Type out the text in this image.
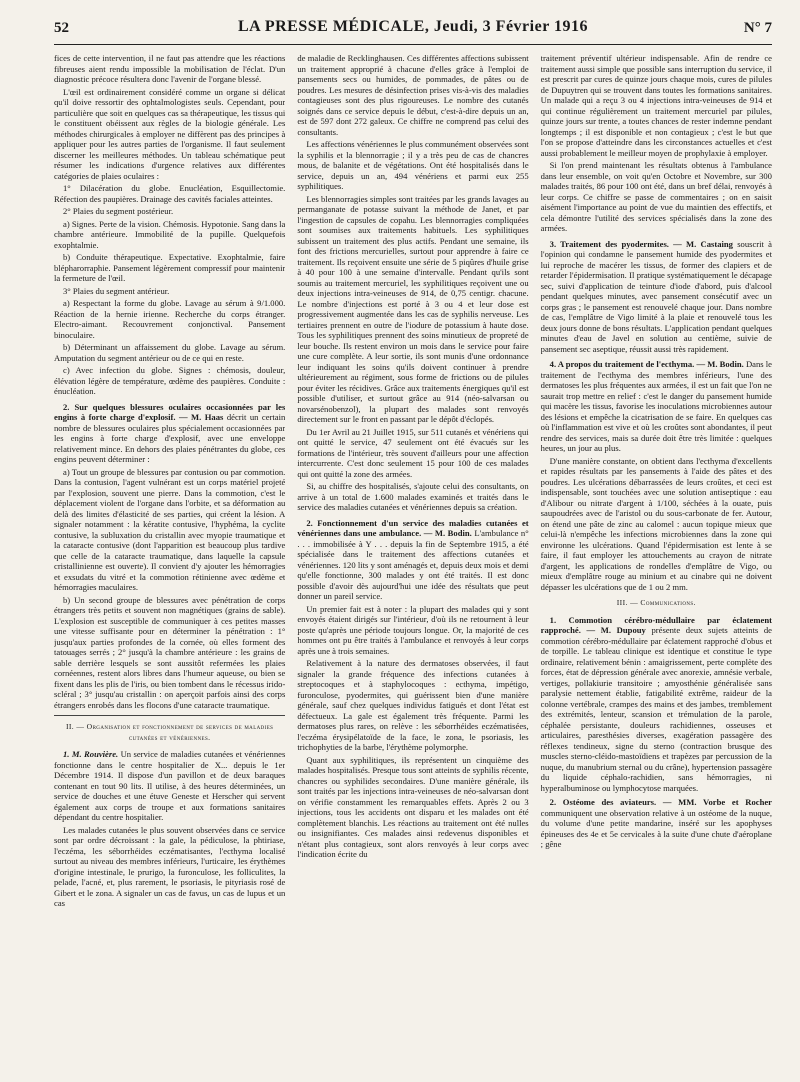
52	LA PRESSE MÉDICALE, Jeudi, 3 Février 1916	N° 7

fices de cette intervention, il ne faut pas attendre que les réactions fibreuses aient rendu impossible la mobilisation de l'éclat. D'un diagnostic précoce résultera donc l'avenir de l'organe blessé.

L'œil est ordinairement considéré comme un organe si délicat qu'il doive ressortir des ophtalmologistes seuls. Cependant, pour particulière que soit en quelques cas sa thérapeutique, les tissus qui le constituent obéissent aux règles de la biologie générale. Les méthodes chirurgicales à employer ne diffèrent pas des principes à appliquer pour les autres parties de l'organisme. Il faut seulement discerner les meilleures méthodes. Un tableau schématique peut résumer les indications d'urgence relatives aux différentes catégories de plaies oculaires :

1° Dilacération du globe. Enucléation, Esquillectomie. Réfection des paupières. Drainage des cavités faciales atteintes.

2° Plaies du segment postérieur.

a) Signes. Perte de la vision. Chémosis. Hypotonie. Sang dans la chambre antérieure. Immobilité de la pupille. Quelquefois exophtalmie.

b) Conduite thérapeutique. Expectative. Exophtalmie, faire blépharorraphie. Pansement légèrement compressif pour maintenir la fermeture de l'œil.

3° Plaies du segment antérieur.

a) Respectant la forme du globe. Lavage au sérum à 9/1.000. Réaction de la hernie irienne. Recherche du corps étranger. Electro-aimant. Recouvrement conjonctival. Pansement binoculaire.

b) Déterminant un affaissement du globe. Lavage au sérum. Amputation du segment antérieur ou de ce qui en reste.

c) Avec infection du globe. Signes : chémosis, douleur, élévation légère de température, œdème des paupières. Conduite : énucléation.

2. Sur quelques blessures oculaires occasionnées par les engins à forte charge d'explosif. — M. Haas décrit un certain nombre de blessures oculaires plus spécialement occasionnées par les engins à forte charge d'explosif, avec une enveloppe relativement mince. En dehors des plaies pénétrantes du globe, ces engins peuvent déterminer :

a) Tout un groupe de blessures par contusion ou par commotion. Dans la contusion, l'agent vulnérant est un corps matériel projeté par l'explosion, souvent une pierre. Dans la commotion, c'est le déplacement violent de l'organe dans l'orbite, et sa déformation au delà des limites d'élasticité de ses parties, qui créent la lésion. A signaler notamment : la kératite contusive, l'hyphéma, la cyclite contusive, la subluxation du cristallin avec myopie traumatique et la cataracte contusive (dont l'apparition est beaucoup plus tardive que celle de la cataracte traumatique, dans laquelle la capsule cristallinienne est ouverte). Il convient d'y ajouter les hémorragies et exsudats du vitré et la commotion rétinienne avec œdème et hémorragies maculaires.

b) Un second groupe de blessures avec pénétration de corps étrangers très petits et souvent non magnétiques (grains de sable). L'explosion est susceptible de communiquer à ces petites masses une vitesse suffisante pour en déterminer la pénétration : 1° jusqu'aux parties profondes de la cornée, où elles forment des tatouages serrés ; 2° jusqu'à la chambre antérieure : les grains de sable derrière lesquels se sont aussitôt refermées les plaies cornéennes, restent alors libres dans l'humeur aqueuse, ou bien se fixent dans les plis de l'iris, ou bien tombent dans le récessus irido-scléral ; 3° jusqu'au cristallin : on aperçoit parfois ainsi des corps étrangers enrobés dans les flocons d'une cataracte traumatique.

II. — Organisation et fonctionnement de services de maladies cutanées et vénériennes.

1. M. Rouvière. Un service de maladies cutanées et vénériennes fonctionne dans le centre hospitalier de X... depuis le 1er Décembre 1914. Il dispose d'un pavillon et de deux baraques contenant en tout 90 lits. Il utilise, à des heures déterminées, un service de douches et une étuve Geneste et Herscher qui servent également aux corps de troupe et aux formations sanitaires dépendant du centre hospitalier.

Les malades cutanées le plus souvent observées dans ce service sont par ordre décroissant : la gale, la pédiculose, la phtiriase, l'eczéma, les séborrhéides eczématisantes, l'ecthyma localisé surtout au niveau des membres inférieurs, l'urticaire, les érythèmes d'origine intestinale, le prurigo, la furonculose, les folliculites, la pelade, l'acné, et, plus rarement, le psoriasis, le pityriasis rosé de Gibert et le zona. A signaler un cas de favus, un cas de lupus et un cas

de maladie de Recklinghausen. Ces différentes affections subissent un traitement approprié à chacune d'elles grâce à l'emploi de pansements secs ou humides, de pommades, de pâtes ou de poudres. Les mesures de désinfection prises vis-à-vis des maladies contagieuses sont des plus rigoureuses. Le nombre des cutanés soignés dans ce service depuis le début, c'est-à-dire depuis un an, est de 597 dont 272 galeux. Ce chiffre ne comprend pas celui des consultants.

Les affections vénériennes le plus communément observées sont la syphilis et la blennorragie ; il y a très peu de cas de chancres mous, de balanite et de végétations. Ont été hospitalisés dans le service, depuis un an, 494 vénériens et parmi eux 255 syphilitiques.

Les blennorragies simples sont traitées par les grands lavages au permanganate de potasse suivant la méthode de Janet, et par l'ingestion de capsules de copahu. Les blennorragies compliquées sont soumises aux traitements habituels. Les syphilitiques subissent un traitement des plus actifs. Pendant une semaine, ils font des frictions mercurielles, surtout pour apprendre à faire ce traitement. Ils reçoivent ensuite une série de 5 piqûres d'huile grise à 40 pour 100 à une semaine d'intervalle. Pendant qu'ils sont soumis au traitement mercuriel, les syphilitiques reçoivent une ou deux injections intra-veineuses de 914, de 0,75 centigr. chacune. Le nombre d'injections est porté à 3 ou 4 et leur dose est progressivement augmentée dans les cas de syphilis nerveuse. Les tertiaires prennent en outre de l'iodure de potassium à haute dose. Tous les syphilitiques prennent des soins minutieux de propreté de leur bouche. Ils restent environ un mois dans le service pour faire une cure complète. A leur sortie, ils sont munis d'une ordonnance leur indiquant les soins qu'ils doivent continuer à prendre ultérieurement au régiment, sous forme de frictions ou de pilules pour éviter les récidives. Grâce aux traitements énergiques qu'il est possible d'utiliser, et surtout grâce au 914 (néo-salvarsan ou novarsénobenzol), la plupart des malades sont renvoyés directement sur le front en passant par le dépôt d'éclopés.

Du 1er Avril au 21 Juillet 1915, sur 511 cutanés et vénériens qui ont quitté le service, 47 seulement ont été évacués sur les formations de l'intérieur, très souvent d'ailleurs pour une affection intercurrente. C'est donc seulement 15 pour 100 de ces malades qui ont quitté la zone des armées.

Si, au chiffre des hospitalisés, s'ajoute celui des consultants, on arrive à un total de 1.600 malades examinés et traités dans le service des maladies cutanées et vénériennes depuis sa création.

2. Fonctionnement d'un service des maladies cutanées et vénériennes dans une ambulance. — M. Bodin. L'ambulance n° . . . immobilisée à Y . . . depuis la fin de Septembre 1915, a été spécialisée dans le traitement des affections cutanées et vénériennes. 120 lits y sont aménagés et, depuis deux mois et demi qu'elle fonctionne, 300 malades y ont été traités. Il est donc possible d'avoir dès aujourd'hui une idée des résultats que peut donner un pareil service.

Un premier fait est à noter : la plupart des malades qui y sont envoyés étaient dirigés sur l'intérieur, d'où ils ne retournent à leur poste qu'après une période toujours longue. Or, la majorité de ces hommes ont pu être traités à l'ambulance et renvoyés à leur corps après une à trois semaines.

Relativement à la nature des dermatoses observées, il faut signaler la grande fréquence des infections cutanées à streptocoques et à staphylocoques : ecthyma, impétigo, furonculose, pyodermites, qui guérissent bien d'une manière générale, sauf chez quelques individus fatigués et dont l'état est défectueux. La gale est également très fréquente. Parmi les dermatoses plus rares, on relève : les séborrhéides eczématisées, l'eczéma érysipélatoïde de la face, le zona, le psoriasis, les trichophyties de la barbe, l'érythème polymorphe.

Quant aux syphilitiques, ils représentent un cinquième des malades hospitalisés. Presque tous sont atteints de syphilis récente, chancres ou syphilides secondaires. D'une manière générale, ils sont traités par les injections intra-veineuses de néo-salvarsan dont on vérifie constamment les remarquables effets. Après 2 ou 3 injections, tous les accidents ont disparu et les malades ont été complètement blanchis. Les réactions au traitement ont été nulles ou insignifiantes. Ces malades ainsi redevenus disponibles et n'étant plus contagieux, sont alors renvoyés à leur corps avec l'indication écrite du

traitement préventif ultérieur indispensable. Afin de rendre ce traitement aussi simple que possible sans interruption du service, il est prescrit par cures de quinze jours chaque mois, cures de pilules de Dupuytren qui se trouvent dans toutes les formations sanitaires. Un malade qui a reçu 3 ou 4 injections intra-veineuses de 914 et qui continue régulièrement un traitement mercuriel par pilules, quinze jours sur trente, a toutes chances de rester indemne pendant longtemps ; il est disponible et non contagieux ; c'est le but que l'on se propose d'atteindre dans les circonstances actuelles et c'est aussi probablement le meilleur moyen de prophylaxie à employer.

Si l'on prend maintenant les résultats obtenus à l'ambulance dans leur ensemble, on voit qu'en Octobre et Novembre, sur 300 malades traités, 86 pour 100 ont été, dans un bref délai, renvoyés à leur corps. Ce chiffre se passe de commentaires ; on en saisit aisément l'importance au point de vue du maintien des effectifs, et cela démontre l'utilité des services spécialisés dans la zone des armées.

3. Traitement des pyodermites. — M. Castaing souscrit à l'opinion qui condamne le pansement humide des pyodermites et lui reproche de macérer les tissus, de former des clapiers et de retarder l'épidermisation. Il pratique systématiquement le décapage sec, suivi d'application de teinture d'iode d'abord, puis d'alcool pendant quelques minutes, avec pansement consécutif avec un corps gras ; le pansement est renouvelé chaque jour. Dans nombre de cas, l'emplâtre de Vigo limité à la plaie et renouvelé tous les deux jours donne de bons résultats. L'application pendant quelques minutes d'eau de Javel en solution au centième, suivie de pansement sec aseptique, réussit aussi très rapidement.

4. A propos du traitement de l'ecthyma. — M. Bodin. Dans le traitement de l'ecthyma des membres inférieurs, l'une des dermatoses les plus fréquentes aux armées, il est un fait que l'on ne saurait trop mettre en relief : c'est le danger du pansement humide qui macère les tissus, favorise les inoculations microbiennes autour des lésions et empêche la cicatrisation de se faire. En quelques cas où l'inflammation est vive et où les croûtes sont abondantes, il peut rendre des services, mais sa durée doit être très limitée : quelques heures, un jour au plus.

D'une manière constante, on obtient dans l'ecthyma d'excellents et rapides résultats par les pansements à l'aide des pâtes et des poudres. Les ulcérations débarrassées de leurs croûtes, et ceci est indispensable, sont touchées avec une solution antiseptique : eau d'Alibour ou nitrate d'argent à 1/100, séchées à la ouate, puis saupoudrées avec de l'aristol ou du sous-carbonate de fer. Autour, on étend une pâte de zinc au calomel : aucun topique mieux que celui-là n'empêche les infections microbiennes dans la zone qui environne les ulcérations. Quand l'épidermisation est lente à se faire, il faut employer les attouchements au crayon de nitrate d'argent, les applications de rondelles d'emplâtre de Vigo, ou mieux d'emplâtre rouge au minium et au cinabre qui ne doivent dépasser les ulcérations que de 1 ou 2 mm.

III. — Communications.

1. Commotion cérébro-médullaire par éclatement rapproché. — M. Dupouy présente deux sujets atteints de commotion cérébro-médullaire par éclatement rapproché d'obus et de torpille. Le tableau clinique est identique et constitue le type ordinaire, relativement bénin : amaigrissement, perte complète des forces, état de dépression générale avec anorexie, amnésie verbale, vertiges, pollakiurie transitoire ; amyosthénie généralisée sans paralysie nettement établie, fatigabilité extrême, raideur de la colonne vertébrale, crampes des mains et des jambes, tremblement des extrémités, lenteur, scansion et trémulation de la parole, céphalée persistante, douleurs rachidiennes, osseuses et articulaires, paresthésies diverses, exagération passagère des réflexes tendineux, signe du sterno (contraction brusque des muscles sterno-cléido-mastoïdiens et trapèzes par percussion de la nuque, du manubrium sternal ou du crâne), hypertension passagère du liquide céphalo-rachidien, sans hémorragies, ni hyperalbuminose ou lymphocytose marquées.

2. Ostéome des aviateurs. — MM. Vorbe et Rocher communiquent une observation relative à un ostéome de la nuque, du volume d'une petite mandarine, inséré sur les apophyses épineuses des 4e et 5e cervicales à la suite d'une chute d'aéroplane ; gêne
